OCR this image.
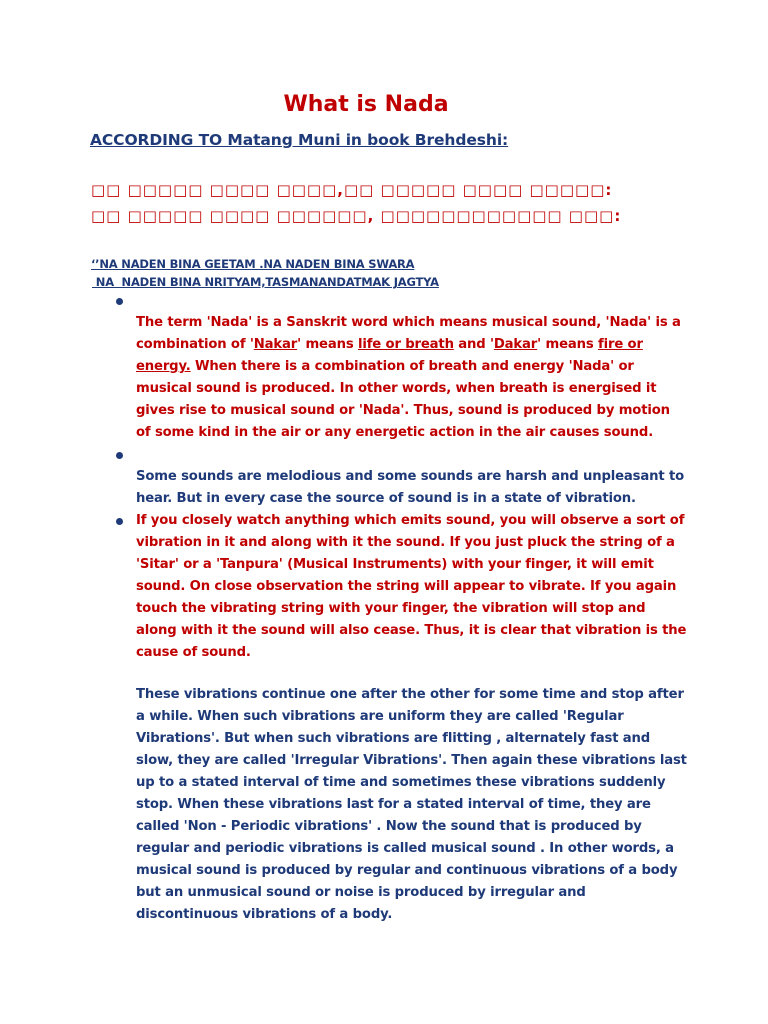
What is Nada
ACCORDING TO Matang Muni in book Brehdeshi:
□□ □□□□□ □□□□ □□□□,□□ □□□□□ □□□□ □□□□□:
□□ □□□□□ □□□□ □□□□□□, □□□□□□□□□□□□ □□□:
‘’NA NADEN BINA GEETAM .NA NADEN BINA SWARA
NA  NADEN BINA NRITYAM,TASMANANDATMAK JAGTYA
The term 'Nada' is a Sanskrit word which means musical sound, 'Nada' is a combination of 'Nakar' means life or breath and 'Dakar' means fire or energy. When there is a combination of breath and energy 'Nada' or musical sound is produced. In other words, when breath is energised it gives rise to musical sound or 'Nada'. Thus, sound is produced by motion of some kind in the air or any energetic action in the air causes sound.
Some sounds are melodious and some sounds are harsh and unpleasant to hear. But in every case the source of sound is in a state of vibration.
If you closely watch anything which emits sound, you will observe a sort of vibration in it and along with it the sound. If you just pluck the string of a 'Sitar' or a 'Tanpura' (Musical Instruments) with your finger, it will emit sound. On close observation the string will appear to vibrate. If you again touch the vibrating string with your finger, the vibration will stop and along with it the sound will also cease. Thus, it is clear that vibration is the cause of sound.
These vibrations continue one after the other for some time and stop after a while. When such vibrations are uniform they are called 'Regular Vibrations'. But when such vibrations are flitting , alternately fast and slow, they are called 'Irregular Vibrations'. Then again these vibrations last up to a stated interval of time and sometimes these vibrations suddenly stop. When these vibrations last for a stated interval of time, they are called 'Non - Periodic vibrations' . Now the sound that is produced by regular and periodic vibrations is called musical sound . In other words, a musical sound is produced by regular and continuous vibrations of a body but an unmusical sound or noise is produced by irregular and discontinuous vibrations of a body.
